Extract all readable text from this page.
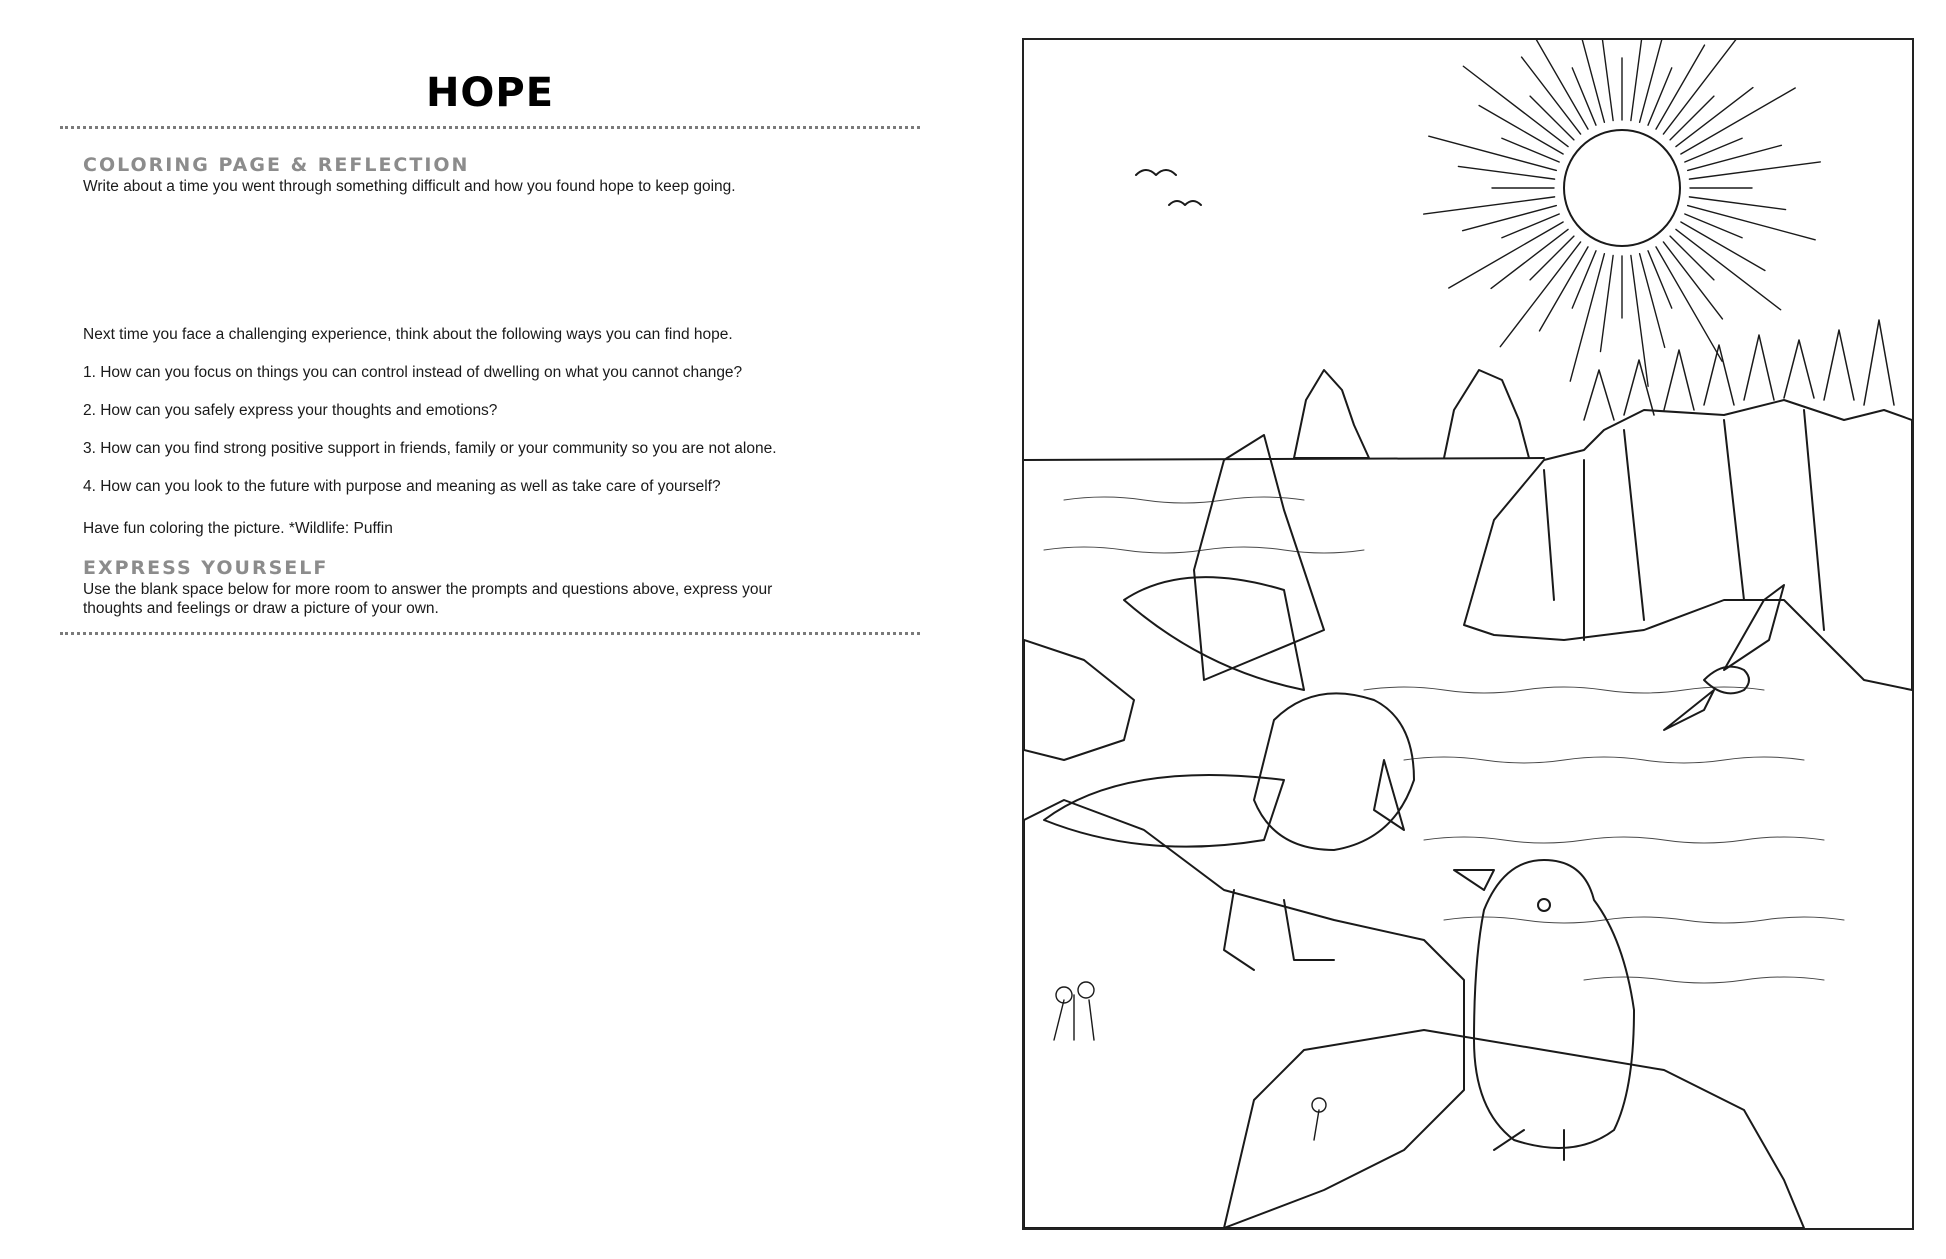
HOPE
COLORING PAGE & REFLECTION
Write about a time you went through something difficult and how you found hope to keep going.
Next time you face a challenging experience, think about the following ways you can find hope.
1. How can you focus on things you can control instead of dwelling on what you cannot change?
2. How can you safely express your thoughts and emotions?
3. How can you find strong positive support in friends, family or your community so you are not alone.
4. How can you look to the future with purpose and meaning as well as take care of yourself?
Have fun coloring the picture. *Wildlife: Puffin
EXPRESS YOURSELF
Use the blank space below for more room to answer the prompts and questions above, express your
thoughts and feelings or draw a picture of your own.
